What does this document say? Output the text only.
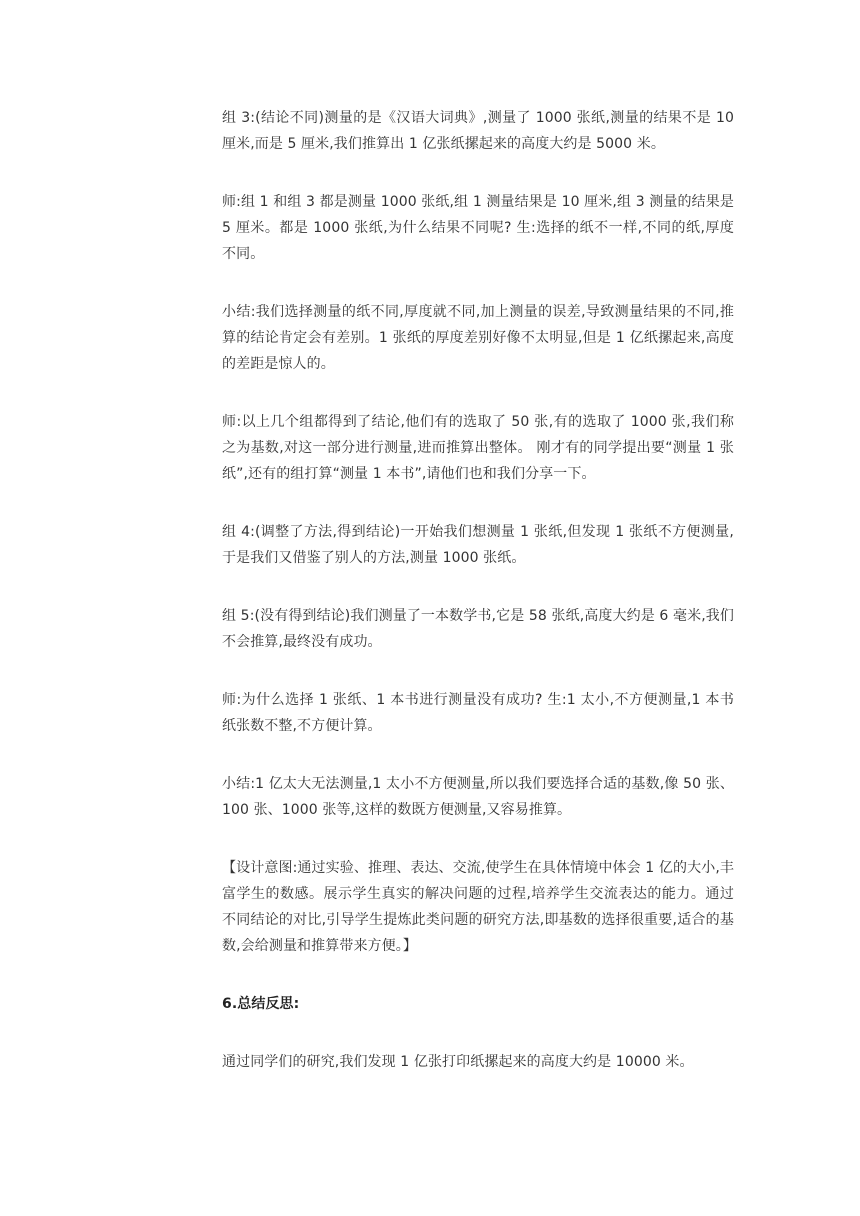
组 3:(结论不同)测量的是《汉语大词典》,测量了 1000 张纸,测量的结果不是 10 厘米,而是 5 厘米,我们推算出 1 亿张纸摞起来的高度大约是 5000 米。

师:组 1 和组 3 都是测量 1000 张纸,组 1 测量结果是 10 厘米,组 3 测量的结果是 5 厘米。都是 1000 张纸,为什么结果不同呢? 生:选择的纸不一样,不同的纸,厚度不同。

小结:我们选择测量的纸不同,厚度就不同,加上测量的误差,导致测量结果的不同,推算的结论肯定会有差别。1 张纸的厚度差别好像不太明显,但是 1 亿纸摞起来,高度的差距是惊人的。

师:以上几个组都得到了结论,他们有的选取了 50 张,有的选取了 1000 张,我们称之为基数,对这一部分进行测量,进而推算出整体。 刚才有的同学提出要“测量 1 张纸”,还有的组打算“测量 1 本书”,请他们也和我们分享一下。

组 4:(调整了方法,得到结论)一开始我们想测量 1 张纸,但发现 1 张纸不方便测量,于是我们又借鉴了别人的方法,测量 1000 张纸。

组 5:(没有得到结论)我们测量了一本数学书,它是 58 张纸,高度大约是 6 毫米,我们不会推算,最终没有成功。

师:为什么选择 1 张纸、1 本书进行测量没有成功? 生:1 太小,不方便测量,1 本书纸张数不整,不方便计算。

小结:1 亿太大无法测量,1 太小不方便测量,所以我们要选择合适的基数,像 50 张、100 张、1000 张等,这样的数既方便测量,又容易推算。

【设计意图:通过实验、推理、表达、交流,使学生在具体情境中体会 1 亿的大小,丰富学生的数感。展示学生真实的解决问题的过程,培养学生交流表达的能力。通过不同结论的对比,引导学生提炼此类问题的研究方法,即基数的选择很重要,适合的基数,会给测量和推算带来方便。】

6.总结反思:

通过同学们的研究,我们发现 1 亿张打印纸摞起来的高度大约是 10000 米。
